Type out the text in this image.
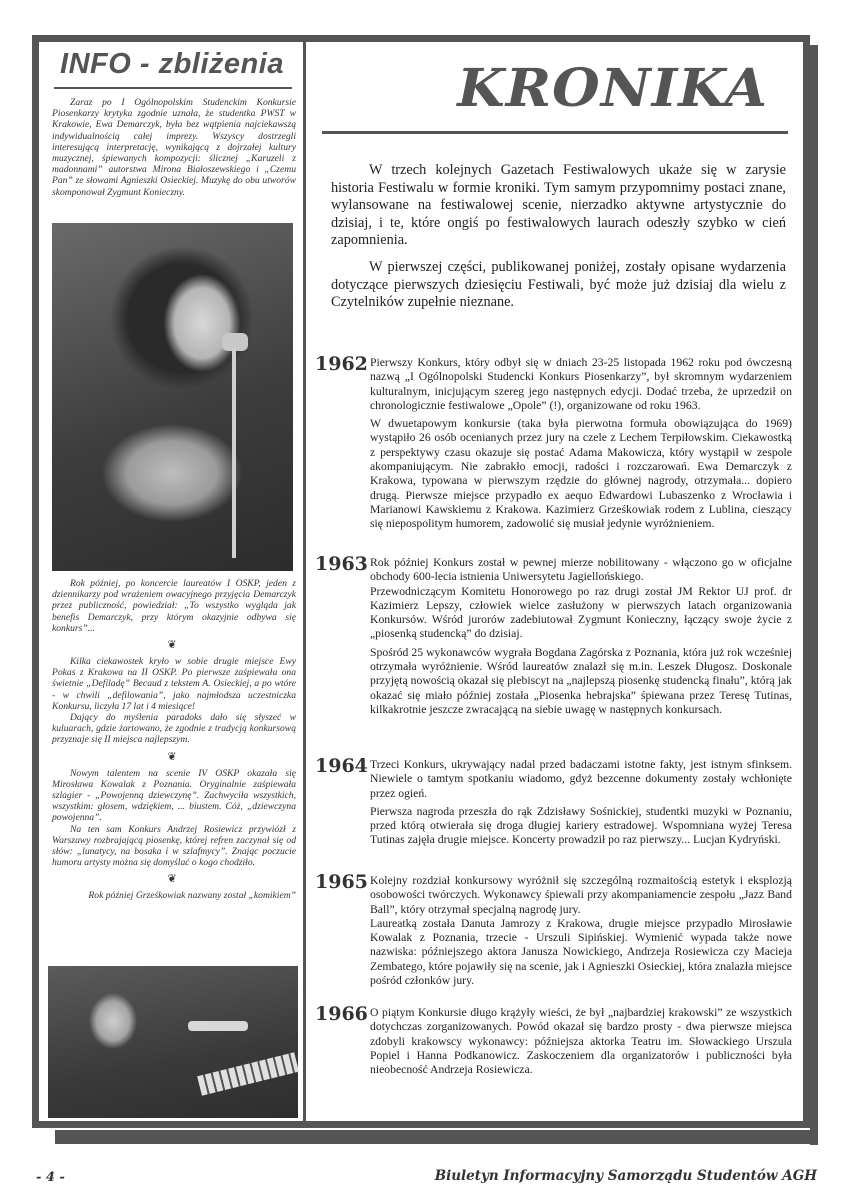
INFO - zbliżenia

Zaraz po I Ogólnopolskim Studenckim Konkursie Piosenkarzy krytyka zgodnie uznała, że studentka PWST w Krakowie, Ewa Demarczyk, była bez wątpienia najciekawszą indywidualnością całej imprezy. Wszyscy dostrzegli interesującą interpretację, wynikającą z dojrzałej kultury muzycznej, śpiewanych kompozycji: ślicznej „Karuzeli z madonnami” autorstwa Mirona Białoszewskiego i „Czemu Pan” ze słowami Agnieszki Osieckiej. Muzykę do obu utworów skomponował Zygmunt Konieczny.

Rok później, po koncercie laureatów I OSKP, jeden z dziennikarzy pod wrażeniem owacyjnego przyjęcia Demarczyk przez publiczność, powiedział: „To wszystko wygląda jak benefis Demarczyk, przy którym okazyjnie odbywa się konkurs”...

❦

Kilka ciekawostek kryło w sobie drugie miejsce Ewy Pokas z Krakowa na II OSKP. Po pierwsze zaśpiewała ona świetnie „Defiladę” Becaud z tekstem A. Osieckiej, a po wtóre - w chwili „defilowania”, jako najmłodsza uczestniczka Konkursu, liczyła 17 lat i 4 miesiące!

Dający do myślenia paradoks dało się słyszeć w kuluarach, gdzie żartowano, że zgodnie z tradycją konkursową przyznaje się II miejsca najlepszym.

❦

Nowym talentem na scenie IV OSKP okazała się Mirosława Kowalak z Poznania. Oryginalnie zaśpiewała szlagier - „Powojenną dziewczynę”. Zachwyciła wszystkich, wszystkim: głosem, wdziękiem, ... biustem. Cóż, „dziewczyna powojenna”.

Na ten sam Konkurs Andrzej Rosiewicz przywiózł z Warszawy rozbrajającą piosenkę, której refren zaczynał się od słów: „lunatycy, na bosaka i w szlafmycy”. Znając poczucie humoru artysty można się domyślać o kogo chodziło.

❦

Rok później Grześkowiak nazwany został „komikiem”

KRONIKA

W trzech kolejnych Gazetach Festiwalowych ukaże się w zarysie historia Festiwalu w formie kroniki. Tym samym przypomnimy postaci znane, wylansowane na festiwalowej scenie, nierzadko aktywne artystycznie do dzisiaj, i te, które ongiś po festiwalowych laurach odeszły szybko w cień zapomnienia.

W pierwszej części, publikowanej poniżej, zostały opisane wydarzenia dotyczące pierwszych dziesięciu Festiwali, być może już dzisiaj dla wielu z Czytelników zupełnie nieznane.

1962 Pierwszy Konkurs, który odbył się w dniach 23-25 listopada 1962 roku pod ówczesną nazwą „I Ogólnopolski Studencki Konkurs Piosenkarzy”, był skromnym wydarzeniem kulturalnym, inicjującym szereg jego następnych edycji. Dodać trzeba, że uprzedził on chronologicznie festiwalowe „Opole” (!), organizowane od roku 1963.

W dwuetapowym konkursie (taka była pierwotna formuła obowiązująca do 1969) wystąpiło 26 osób ocenianych przez jury na czele z Lechem Terpiłowskim. Ciekawostką z perspektywy czasu okazuje się postać Adama Makowicza, który wystąpił w zespole akompaniującym. Nie zabrakło emocji, radości i rozczarowań. Ewa Demarczyk z Krakowa, typowana w pierwszym rzędzie do głównej nagrody, otrzymała... dopiero drugą. Pierwsze miejsce przypadło ex aequo Edwardowi Lubaszenko z Wrocławia i Marianowi Kawskiemu z Krakowa. Kazimierz Grześkowiak rodem z Lublina, cieszący się niepospolitym humorem, zadowolić się musiał jedynie wyróżnieniem.

1963 Rok później Konkurs został w pewnej mierze nobilitowany - włączono go w oficjalne obchody 600-lecia istnienia Uniwersytetu Jagiellońskiego.

Przewodniczącym Komitetu Honorowego po raz drugi został JM Rektor UJ prof. dr Kazimierz Lepszy, człowiek wielce zasłużony w pierwszych latach organizowania Konkursów. Wśród jurorów zadebiutował Zygmunt Konieczny, łączący swoje życie z „piosenką studencką” do dzisiaj.

Spośród 25 wykonawców wygrała Bogdana Zagórska z Poznania, która już rok wcześniej otrzymała wyróżnienie. Wśród laureatów znalazł się m.in. Leszek Długosz. Doskonale przyjętą nowością okazał się plebiscyt na „najlepszą piosenkę studencką finału”, którą jak okazać się miało później została „Piosenka hebrajska” śpiewana przez Teresę Tutinas, kilkakrotnie jeszcze zwracającą na siebie uwagę w następnych konkursach.

1964 Trzeci Konkurs, ukrywający nadal przed badaczami istotne fakty, jest istnym sfinksem. Niewiele o tamtym spotkaniu wiadomo, gdyż bezcenne dokumenty zostały wchłonięte przez ogień.

Pierwsza nagroda przeszła do rąk Zdzisławy Sośnickiej, studentki muzyki w Poznaniu, przed którą otwierała się droga długiej kariery estradowej. Wspomniana wyżej Teresa Tutinas zajęła drugie miejsce. Koncerty prowadził po raz pierwszy... Lucjan Kydryński.

1965 Kolejny rozdział konkursowy wyróżnił się szczególną rozmaitością estetyk i eksplozją osobowości twórczych. Wykonawcy śpiewali przy akompaniamencie zespołu „Jazz Band Ball”, który otrzymał specjalną nagrodę jury.

Laureatką została Danuta Jamrozy z Krakowa, drugie miejsce przypadło Mirosławie Kowalak z Poznania, trzecie - Urszuli Sipińskiej. Wymienić wypada także nowe nazwiska: późniejszego aktora Janusza Nowickiego, Andrzeja Rosiewicza czy Macieja Zembatego, które pojawiły się na scenie, jak i Agnieszki Osieckiej, która znalazła miejsce pośród członków jury.

1966 O piątym Konkursie długo krążyły wieści, że był „najbardziej krakowski” ze wszystkich dotychczas zorganizowanych. Powód okazał się bardzo prosty - dwa pierwsze miejsca zdobyli krakowscy wykonawcy: późniejsza aktorka Teatru im. Słowackiego Urszula Popiel i Hanna Podkanowicz. Zaskoczeniem dla organizatorów i publiczności była nieobecność Andrzeja Rosiewicza.

- 4 -	Biuletyn Informacyjny Samorządu Studentów AGH
